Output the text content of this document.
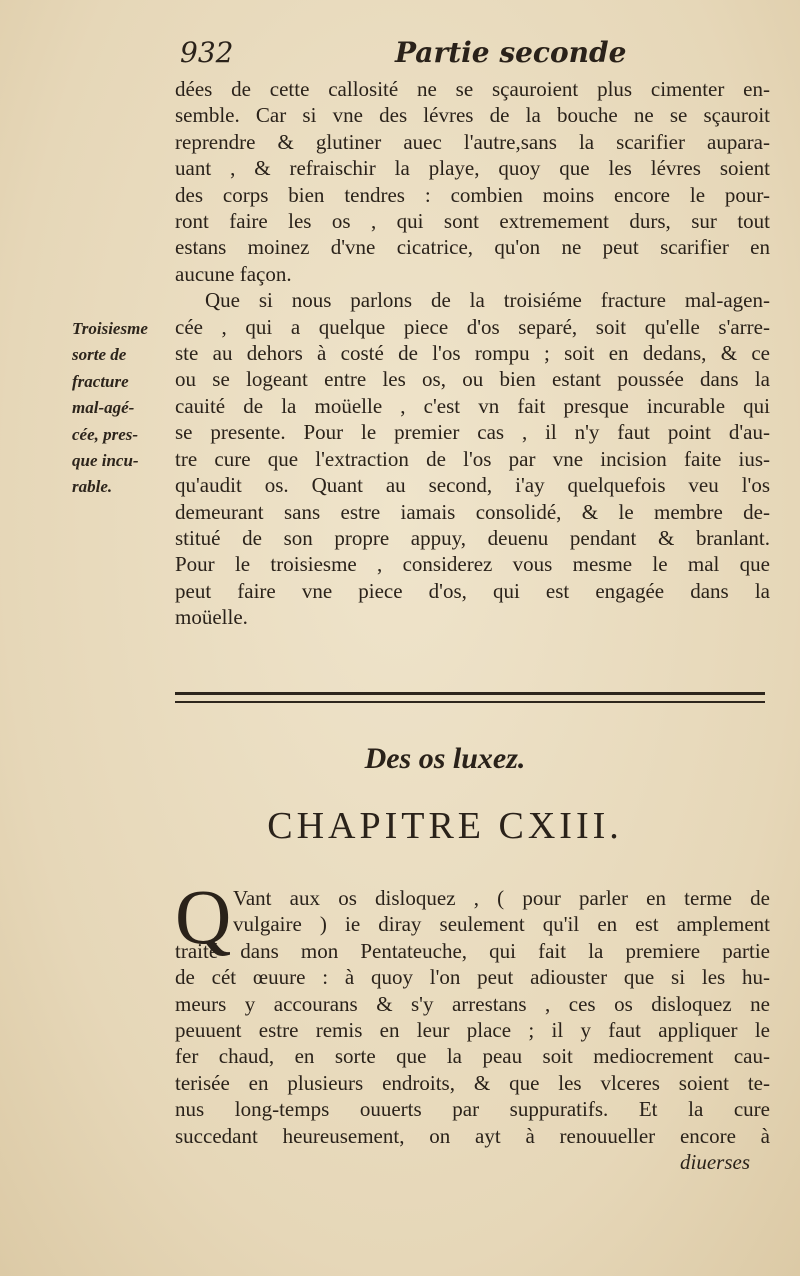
932	Partie seconde
dées de cette callosité ne se sçauroient plus cimenter en-
semble. Car si vne des lévres de la bouche ne se sçauroit
reprendre & glutiner auec l'autre,sans la scarifier aupara-
uant , & refraischir la playe, quoy que les lévres soient
des corps bien tendres : combien moins encore le pour-
ront faire les os , qui sont extremement durs, sur tout
estans moinez d'vne cicatrice, qu'on ne peut scarifier en
aucune façon.
Que si nous parlons de la troisiéme fracture mal-agen-
cée , qui a quelque piece d'os separé, soit qu'elle s'arre-
ste au dehors à costé de l'os rompu ; soit en dedans, & ce
ou se logeant entre les os, ou bien estant poussée dans la
cauité de la moüelle , c'est vn fait presque incurable qui
se presente. Pour le premier cas , il n'y faut point d'au-
tre cure que l'extraction de l'os par vne incision faite ius-
qu'audit os. Quant au second, i'ay quelquefois veu l'os
demeurant sans estre iamais consolidé, & le membre de-
stitué de son propre appuy, deuenu pendant & branlant.
Pour le troisiesme , considerez vous mesme le mal que
peut faire vne piece d'os, qui est engagée dans la
moüelle.
Troisiesme
sorte de
fracture
mal-agé-
cée, pres-
que incu-
rable.
Des os luxez.
CHAPITRE CXIII.
Q Vant aux os disloquez , ( pour parler en terme de
vulgaire ) ie diray seulement qu'il en est amplement
traité dans mon Pentateuche, qui fait la premiere partie
de cét œuure : à quoy l'on peut adiouster que si les hu-
meurs y accourans & s'y arrestans , ces os disloquez ne
peuuent estre remis en leur place ; il y faut appliquer le
fer chaud, en sorte que la peau soit mediocrement cau-
terisée en plusieurs endroits, & que les vlceres soient te-
nus long-temps ouuerts par suppuratifs. Et la cure
succedant heureusement, on ayt à renouueller encore à
diuerses
